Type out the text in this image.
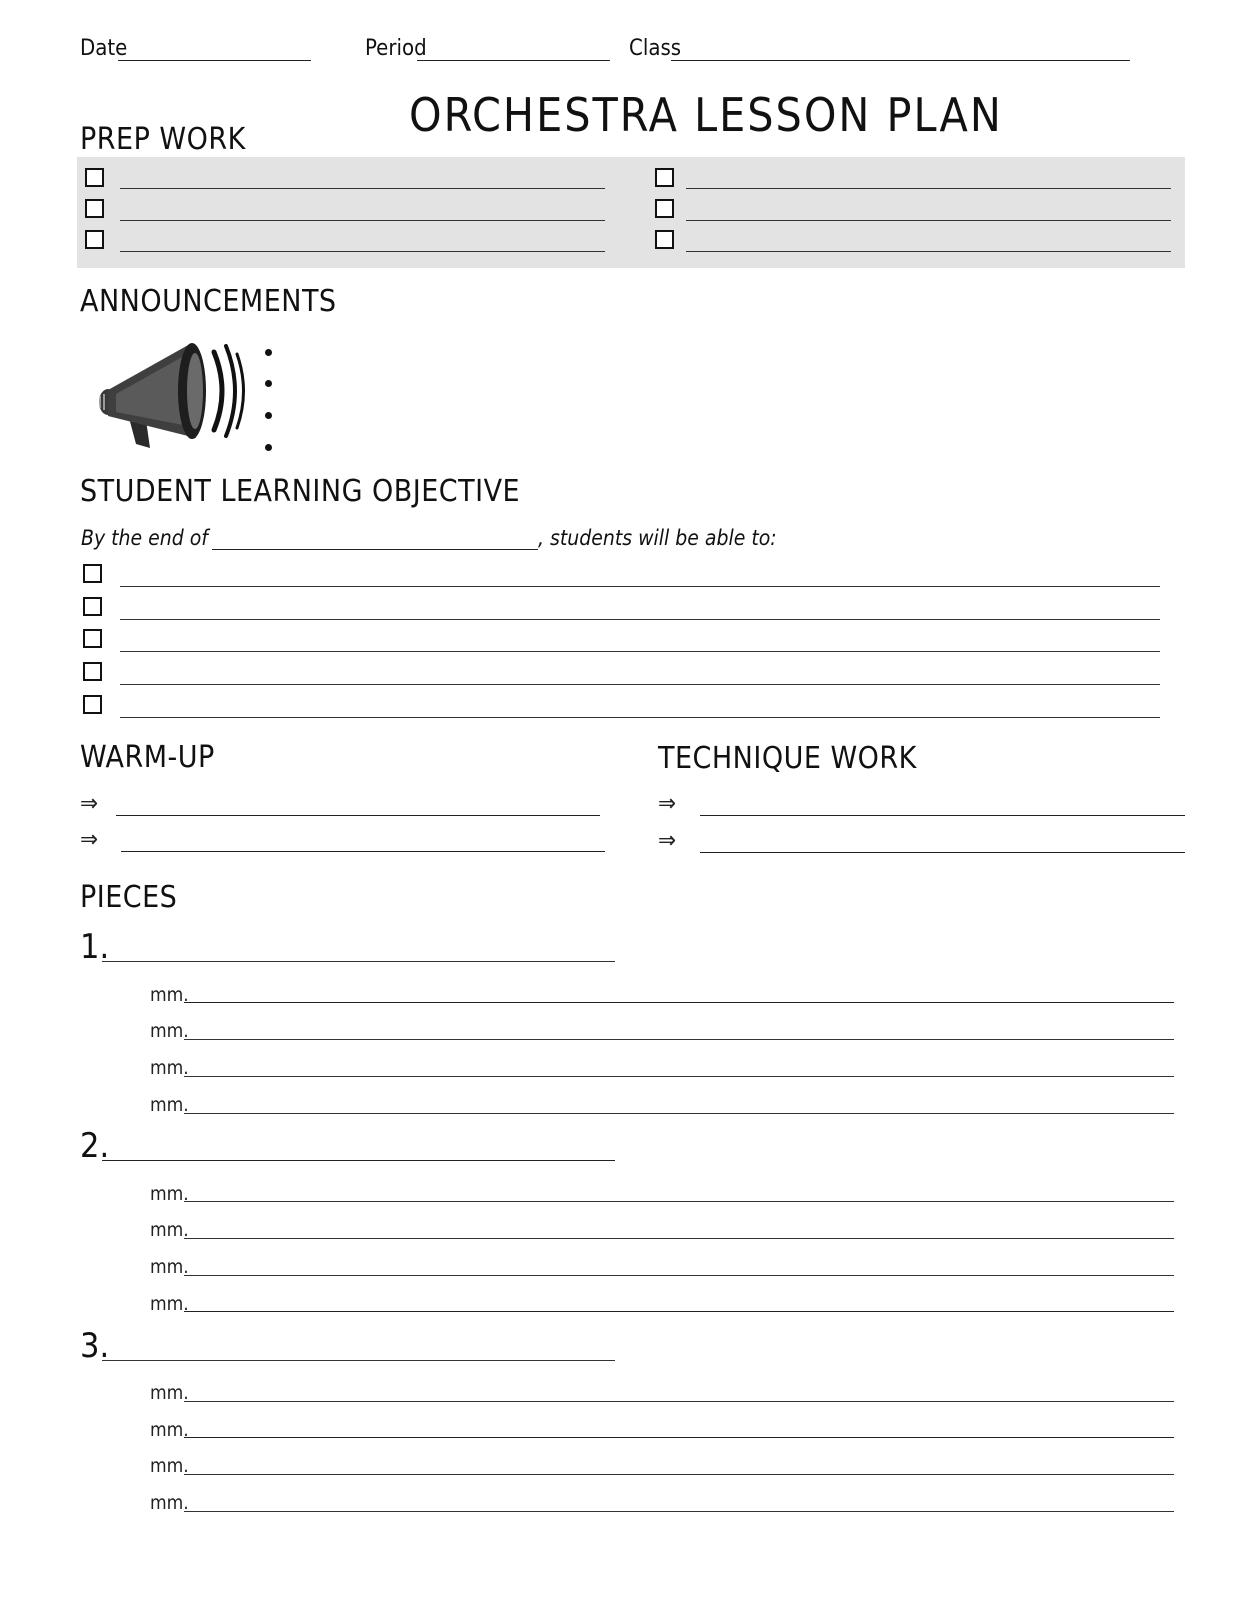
Date	Period	Class
ORCHESTRA LESSON PLAN
PREP WORK
ANNOUNCEMENTS
STUDENT LEARNING OBJECTIVE
By the end of	, students will be able to:
WARM-UP
⇒
⇒
TECHNIQUE WORK
⇒
⇒
PIECES
1.
mm.
mm.
mm.
mm.
2.
mm.
mm.
mm.
mm.
3.
mm.
mm.
mm.
mm.
